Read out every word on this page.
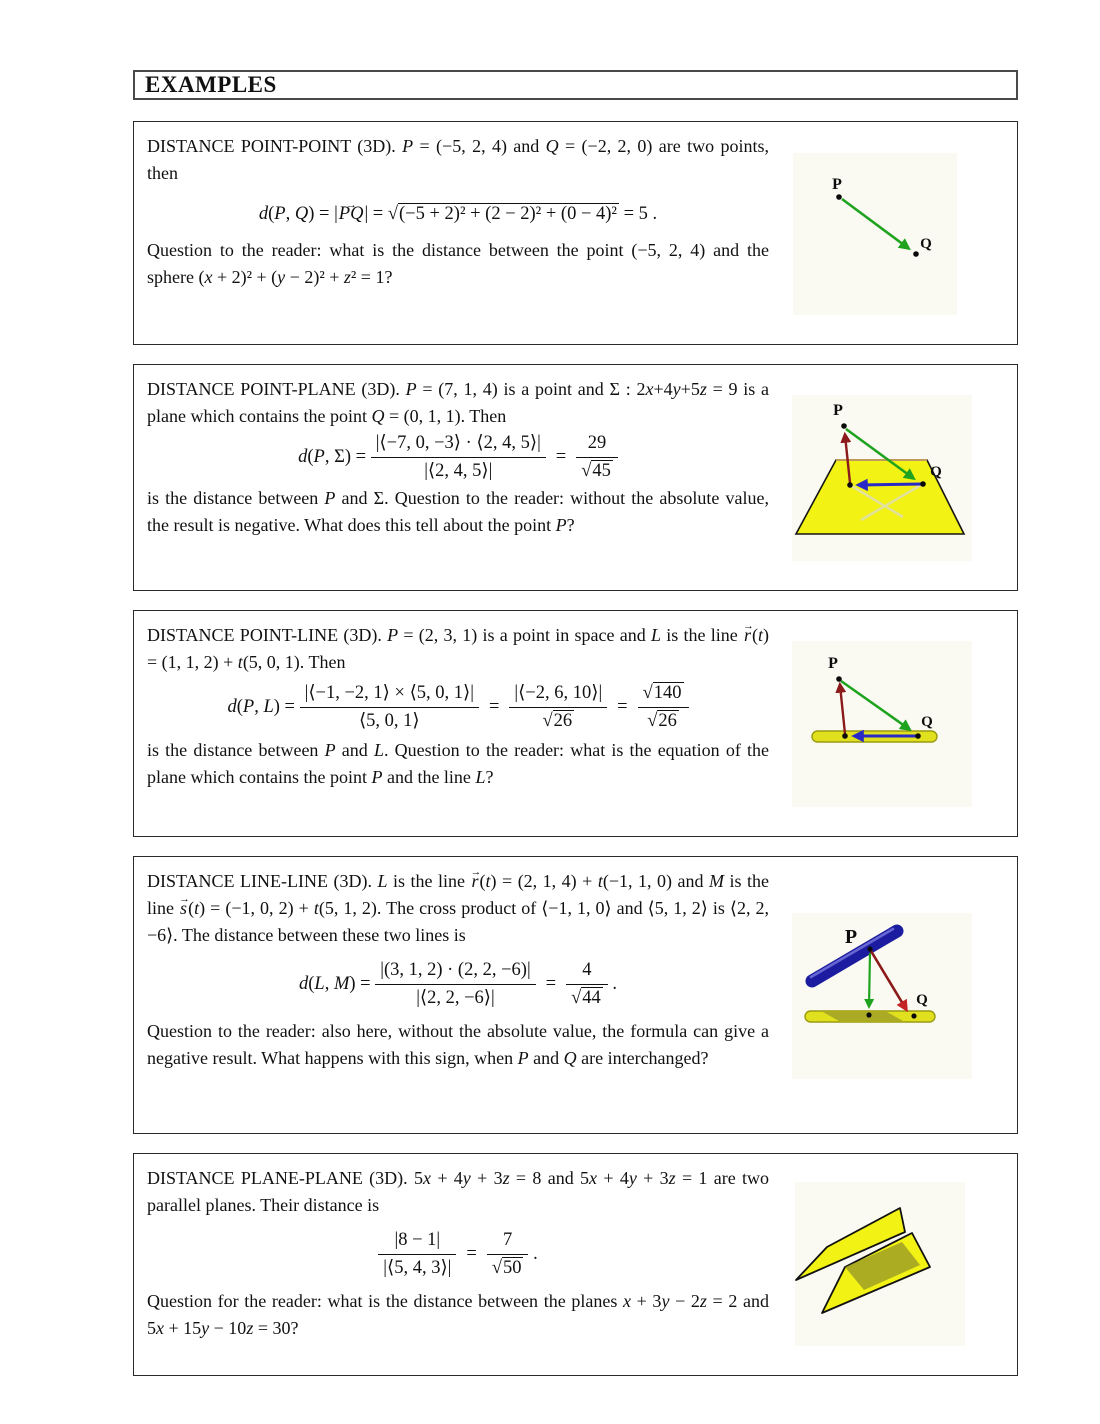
EXAMPLES

DISTANCE POINT-POINT (3D). P = (−5, 2, 4) and Q = (−2, 2, 0) are two points, then

d(P, Q) = |PQ →| = √(−5 + 2)² + (2 − 2)² + (0 − 4)² = 5 .

Question to the reader: what is the distance between the point (−5, 2, 4) and the sphere (x + 2)² + (y − 2)² + z² = 1?

P
Q

DISTANCE POINT-PLANE (3D). P = (7, 1, 4) is a point and Σ : 2x+4y+5z = 9 is a plane which contains the point Q = (0, 1, 1). Then

d(P, $\Sigma) = \frac{|⟨-7, 0, -3⟩ \cdot ⟨2, 4, 5⟩|}{|⟨2, 4, 5⟩|} = \frac{29}{√45}$

is the distance between P and Σ. Question to the reader: without the absolute value, the result is negative. What does this tell about the point P?

P
Q

DISTANCE POINT-LINE (3D). P = (2, 3, 1) is a point in space and L is the line r →(t) = (1, 1, 2) + t(5, 0, 1). Then

d(P, $L) = \frac{|⟨-1, -2, 1⟩ \times ⟨5, 0, 1⟩|}{⟨5, 0, 1⟩} = \frac{|⟨-2, 6, 10⟩|}{√26} = \frac{√140}{√26}$

is the distance between P and L. Question to the reader: what is the equation of the plane which contains the point P and the line L?

P
Q

DISTANCE LINE-LINE (3D). L is the line r →(t) = (2, 1, 4) + t(−1, 1, 0) and M is the line s →(t) = (−1, 0, 2) + t(5, 1, 2). The cross product of ⟨−1, 1, 0⟩ and ⟨5, 1, 2⟩ is ⟨2, 2, −6⟩. The distance between these two lines is

d(L, $M) = \frac{|(3, 1, 2) \cdot (2, 2, -6)|}{|⟨2, 2, -6⟩|} = \frac{4}{√44}$ .

Question to the reader: also here, without the absolute value, the formula can give a negative result. What happens with this sign, when P and Q are interchanged?

P
Q

DISTANCE PLANE-PLANE (3D). 5x + 4y + 3z = 8 and 5x + 4y + 3z = 1 are two parallel planes. Their distance is

$\frac{|8 - 1|}{|⟨5, 4, 3⟩|} = \frac{7}{√50}$ .

Question for the reader: what is the distance between the planes x + 3y − 2z = 2 and 5x + 15y − 10z = 30?
